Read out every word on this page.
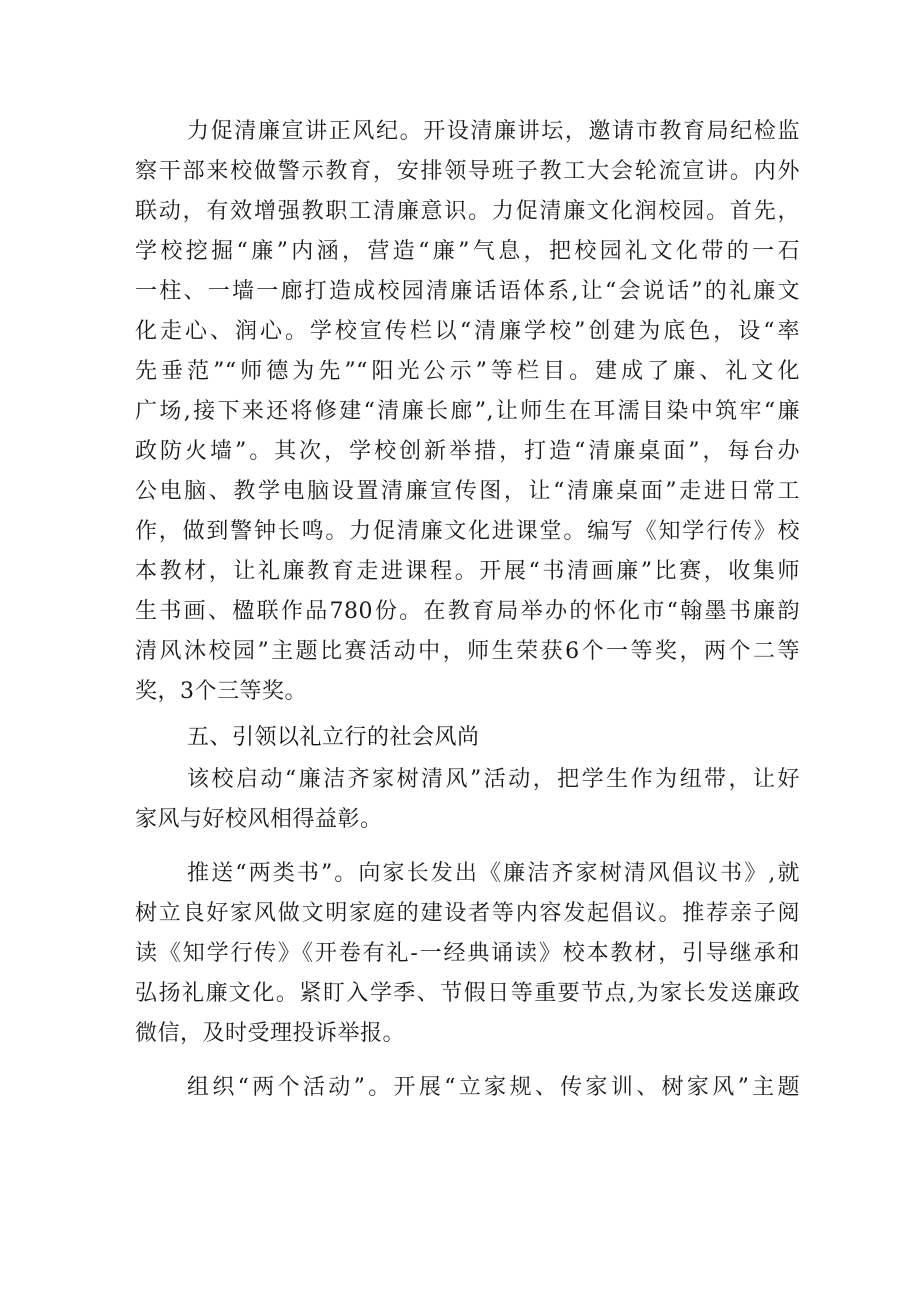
力促清廉宣讲正风纪。开设清廉讲坛，邀请市教育局纪检监
察干部来校做警示教育，安排领导班子教工大会轮流宣讲。内外
联动，有效增强教职工清廉意识。力促清廉文化润校园。首先，
学校挖掘“廉”内涵，营造“廉”气息，把校园礼文化带的一石
一柱、一墙一廊打造成校园清廉话语体系,让“会说话”的礼廉文
化走心、润心。学校宣传栏以“清廉学校”创建为底色，设“率
先垂范”“师德为先”“阳光公示”等栏目。建成了廉、礼文化
广场,接下来还将修建“清廉长廊”,让师生在耳濡目染中筑牢“廉
政防火墙”。其次，学校创新举措，打造“清廉桌面”，每台办
公电脑、教学电脑设置清廉宣传图，让“清廉桌面”走进日常工
作，做到警钟长鸣。力促清廉文化进课堂。编写《知学行传》校
本教材，让礼廉教育走进课程。开展“书清画廉”比赛，收集师
生书画、楹联作品780份。在教育局举办的怀化市“翰墨书廉韵
清风沐校园”主题比赛活动中，师生荣获6个一等奖，两个二等
奖，3个三等奖。
五、引领以礼立行的社会风尚
该校启动“廉洁齐家树清风”活动，把学生作为纽带，让好
家风与好校风相得益彰。
推送“两类书”。向家长发出《廉洁齐家树清风倡议书》,就
树立良好家风做文明家庭的建设者等内容发起倡议。推荐亲子阅
读《知学行传》《开卷有礼-一经典诵读》校本教材，引导继承和
弘扬礼廉文化。紧盯入学季、节假日等重要节点,为家长发送廉政
微信，及时受理投诉举报。
组织“两个活动”。开展“立家规、传家训、树家风”主题
